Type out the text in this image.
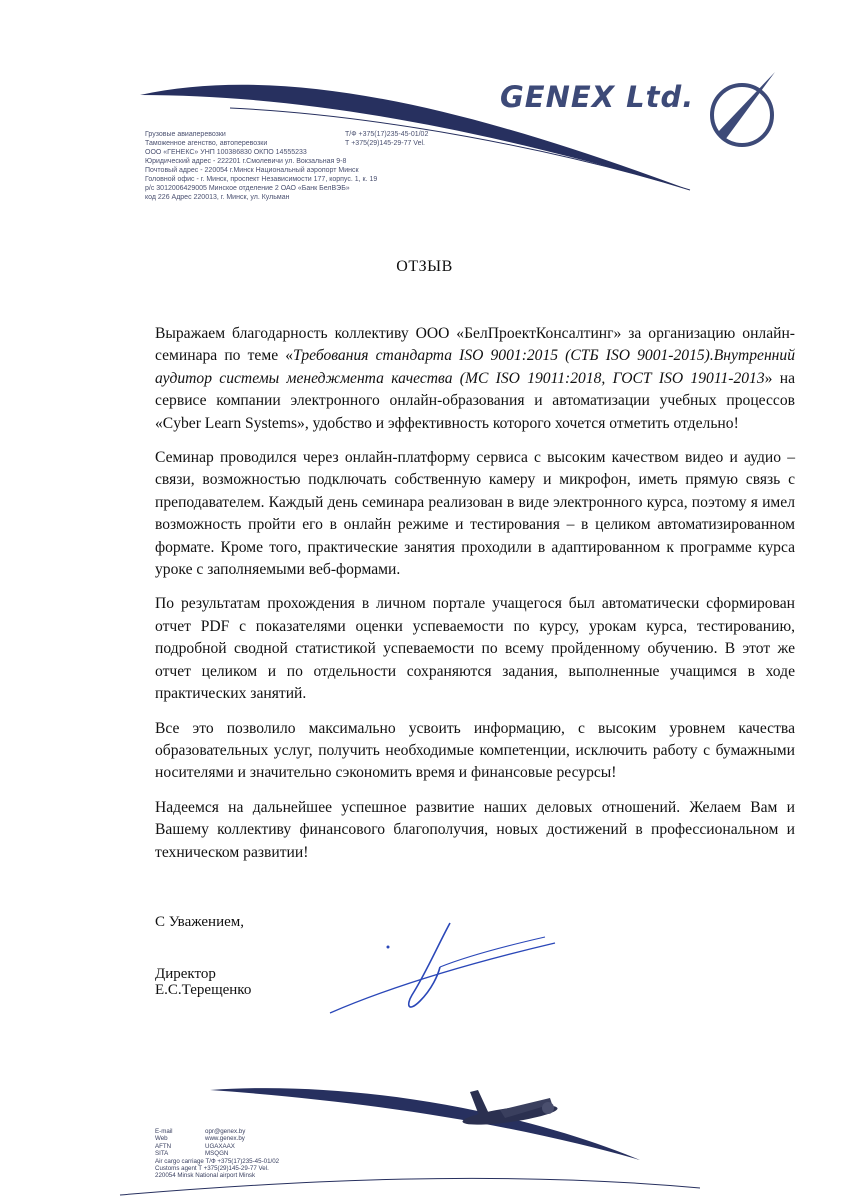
GENEX Ltd.
Грузовые авиаперевозки	Т/Ф +375(17)235-45-01/02
Таможенное агенство, автоперевозки	Т +375(29)145-29-77 Vel.
ООО «ГЕНЕКС» УНП 100386830 ОКПО 14555233
Юридический адрес - 222201 г.Смолевичи ул. Вокзальная 9-8
Почтовый адрес - 220054 г.Минск Национальный аэропорт Минск
Головной офис - г. Минск, проспект Независимости 177, корпус. 1, к. 19
р/с 3012006429005 Минское отделение 2 ОАО «Банк БелВЭБ»
код 226 Адрес 220013, г. Минск, ул. Кульман
ОТЗЫВ

Выражаем благодарность коллективу ООО «БелПроектКонсалтинг» за организацию онлайн-семинара по теме «Требования стандарта ISO 9001:2015 (СТБ ISO 9001-2015).Внутренний аудитор системы менеджмента качества (МС ISO 19011:2018, ГОСТ ISO 19011-2013» на сервисе компании электронного онлайн-образования и автоматизации учебных процессов «Cyber Learn Systems», удобство и эффективность которого хочется отметить отдельно!

Семинар проводился через онлайн-платформу сервиса с высоким качеством видео и аудио – связи, возможностью подключать собственную камеру и микрофон, иметь прямую связь с преподавателем. Каждый день семинара реализован в виде электронного курса, поэтому я имел возможность пройти его в онлайн режиме и тестирования – в целиком автоматизированном формате. Кроме того, практические занятия проходили в адаптированном к программе курса уроке с заполняемыми веб-формами.

По результатам прохождения в личном портале учащегося был автоматически сформирован отчет PDF с показателями оценки успеваемости по курсу, урокам курса, тестированию, подробной сводной статистикой успеваемости по всему пройденному обучению. В этот же отчет целиком и по отдельности сохраняются задания, выполненные учащимся в ходе практических занятий.

Все это позволило максимально усвоить информацию, с высоким уровнем качества образовательных услуг, получить необходимые компетенции, исключить работу с бумажными носителями и значительно сэкономить время и финансовые ресурсы!

Надеемся на дальнейшее успешное развитие наших деловых отношений. Желаем Вам и Вашему коллективу финансового благополучия, новых достижений в профессиональном и техническом развитии!

С Уважением,
Директор
Е.С.Терещенко
E-mail	opr@genex.by
Web	www.genex.by
AFTN	UGAXAAX
SITA	MSQGN
Air cargo carriage T/Ф +375(17)235-45-01/02
Customs agent T +375(29)145-29-77 Vel.
220054 Minsk National airport Minsk
